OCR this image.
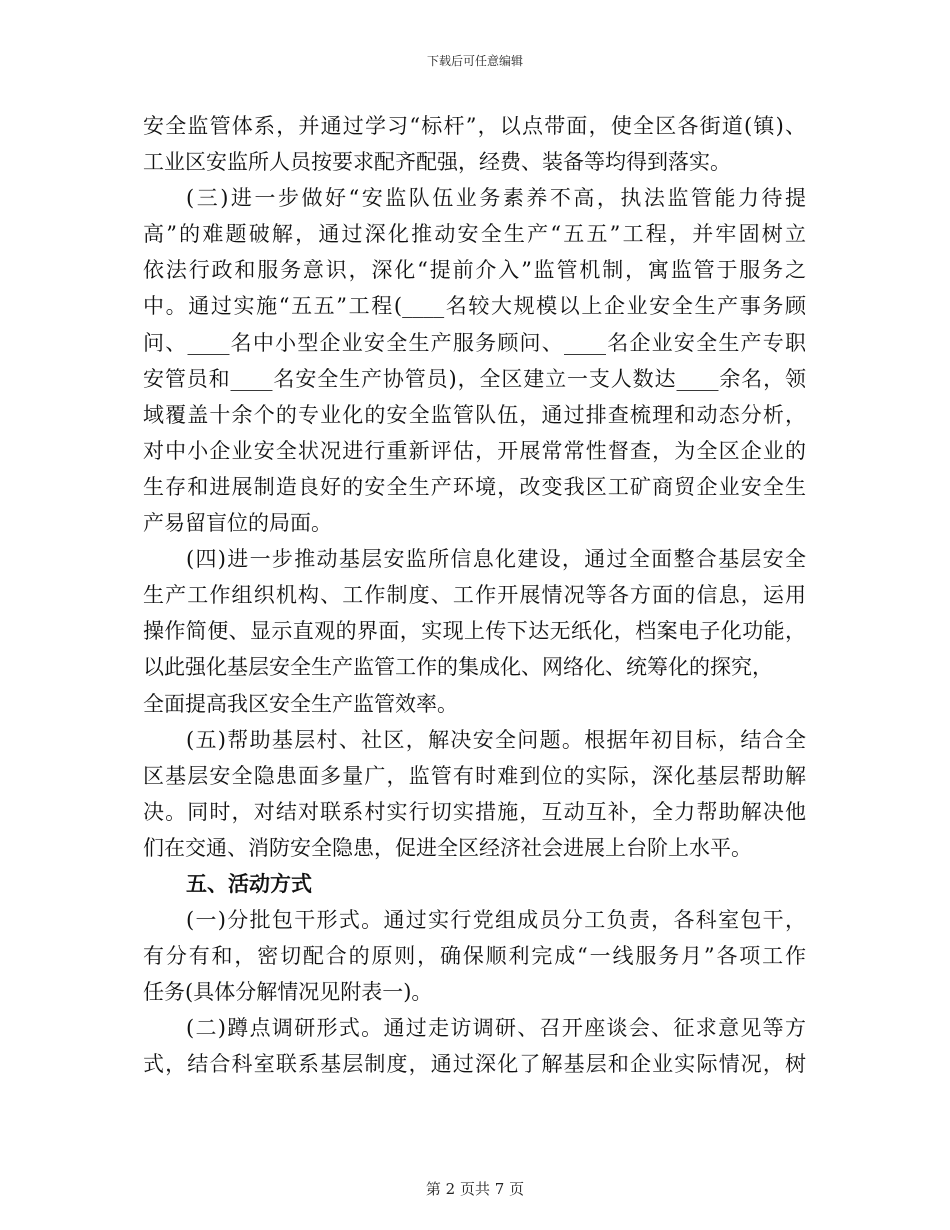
下载后可任意编辑
安全监管体系，并通过学习“标杆”，以点带面，使全区各街道(镇)、
工业区安监所人员按要求配齐配强，经费、装备等均得到落实。
(三)进一步做好“安监队伍业务素养不高，执法监管能力待提
高”的难题破解，通过深化推动安全生产“五五”工程，并牢固树立
依法行政和服务意识，深化“提前介入”监管机制，寓监管于服务之
中。通过实施“五五”工程(____名较大规模以上企业安全生产事务顾
问、____名中小型企业安全生产服务顾问、____名企业安全生产专职
安管员和____名安全生产协管员)，全区建立一支人数达____余名，领
域覆盖十余个的专业化的安全监管队伍，通过排查梳理和动态分析，
对中小企业安全状况进行重新评估，开展常常性督查，为全区企业的
生存和进展制造良好的安全生产环境，改变我区工矿商贸企业安全生
产易留盲位的局面。
(四)进一步推动基层安监所信息化建设，通过全面整合基层安全
生产工作组织机构、工作制度、工作开展情况等各方面的信息，运用
操作简便、显示直观的界面，实现上传下达无纸化，档案电子化功能，
以此强化基层安全生产监管工作的集成化、网络化、统筹化的探究，
全面提高我区安全生产监管效率。
(五)帮助基层村、社区，解决安全问题。根据年初目标，结合全
区基层安全隐患面多量广，监管有时难到位的实际，深化基层帮助解
决。同时，对结对联系村实行切实措施，互动互补，全力帮助解决他
们在交通、消防安全隐患，促进全区经济社会进展上台阶上水平。
五、活动方式
(一)分批包干形式。通过实行党组成员分工负责，各科室包干，
有分有和，密切配合的原则，确保顺利完成“一线服务月”各项工作
任务(具体分解情况见附表一)。
(二)蹲点调研形式。通过走访调研、召开座谈会、征求意见等方
式，结合科室联系基层制度，通过深化了解基层和企业实际情况，树
第 2 页共 7 页
